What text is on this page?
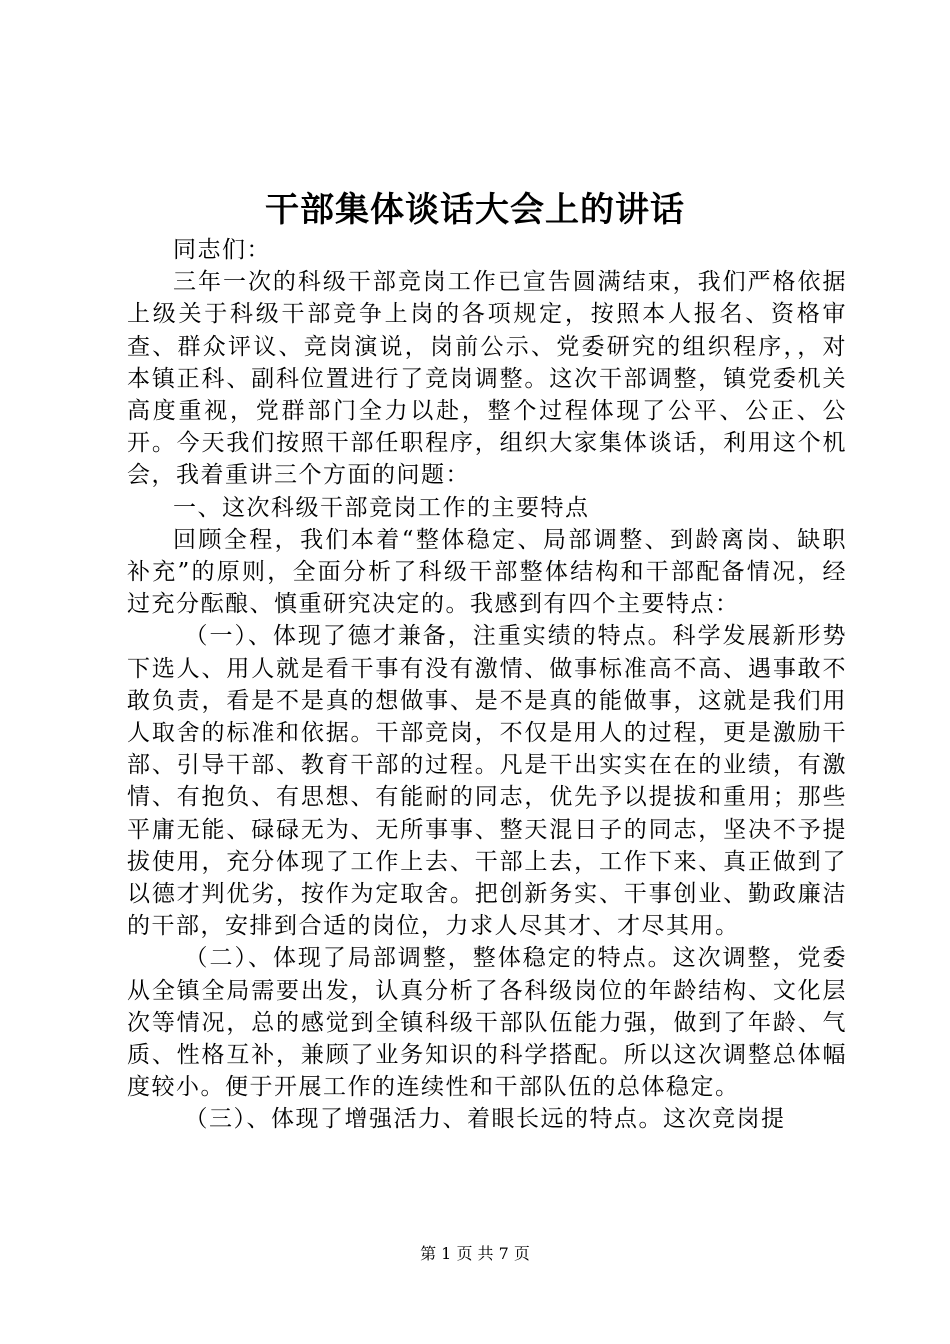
干部集体谈话大会上的讲话

同志们：

三年一次的科级干部竞岗工作已宣告圆满结束，我们严格依据上级关于科级干部竞争上岗的各项规定，按照本人报名、资格审查、群众评议、竞岗演说，岗前公示、党委研究的组织程序，，对本镇正科、副科位置进行了竞岗调整。这次干部调整，镇党委机关高度重视，党群部门全力以赴，整个过程体现了公平、公正、公开。今天我们按照干部任职程序，组织大家集体谈话，利用这个机会，我着重讲三个方面的问题：

一、这次科级干部竞岗工作的主要特点

回顾全程，我们本着“整体稳定、局部调整、到龄离岗、缺职补充”的原则，全面分析了科级干部整体结构和干部配备情况，经过充分酝酿、慎重研究决定的。我感到有四个主要特点：

（一）、体现了德才兼备，注重实绩的特点。科学发展新形势下选人、用人就是看干事有没有激情、做事标准高不高、遇事敢不敢负责，看是不是真的想做事、是不是真的能做事，这就是我们用人取舍的标准和依据。干部竞岗，不仅是用人的过程，更是激励干部、引导干部、教育干部的过程。凡是干出实实在在的业绩，有激情、有抱负、有思想、有能耐的同志，优先予以提拔和重用；那些平庸无能、碌碌无为、无所事事、整天混日子的同志，坚决不予提拔使用，充分体现了工作上去、干部上去，工作下来、真正做到了以德才判优劣，按作为定取舍。把创新务实、干事创业、勤政廉洁的干部，安排到合适的岗位，力求人尽其才、才尽其用。

（二）、体现了局部调整，整体稳定的特点。这次调整，党委从全镇全局需要出发，认真分析了各科级岗位的年龄结构、文化层次等情况，总的感觉到全镇科级干部队伍能力强，做到了年龄、气质、性格互补，兼顾了业务知识的科学搭配。所以这次调整总体幅度较小。便于开展工作的连续性和干部队伍的总体稳定。

（三）、体现了增强活力、着眼长远的特点。这次竞岗提

第 1 页 共 7 页
